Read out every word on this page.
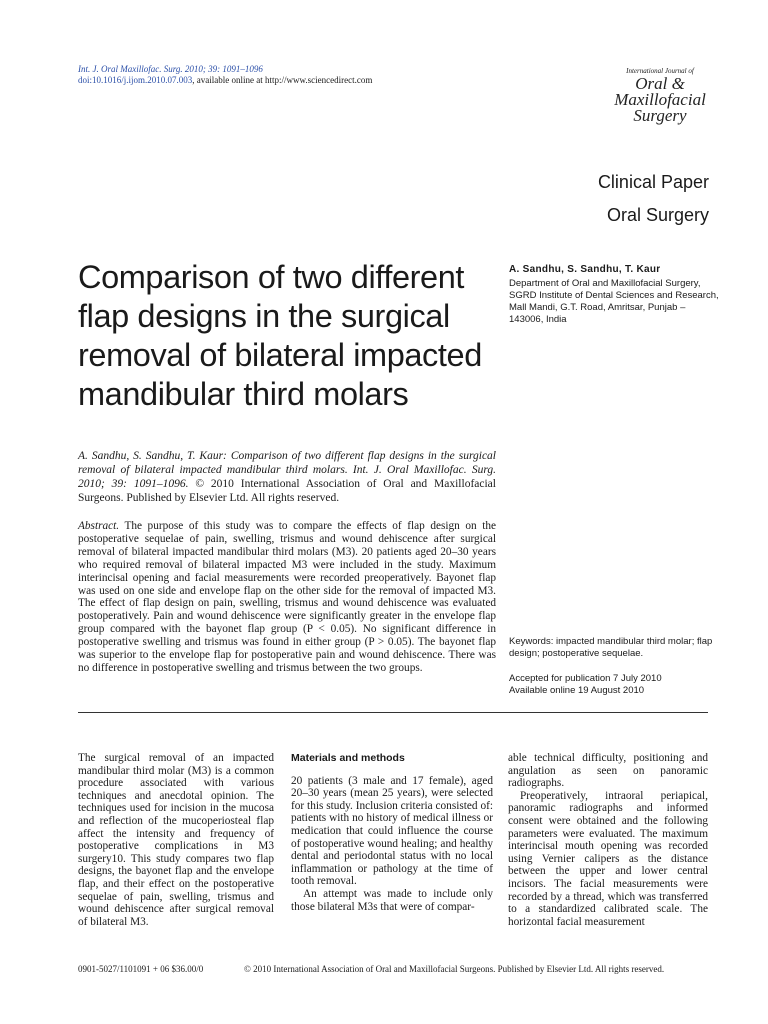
Int. J. Oral Maxillofac. Surg. 2010; 39: 1091–1096
doi:10.1016/j.ijom.2010.07.003, available online at http://www.sciencedirect.com
International Journal of
Oral &
Maxillofacial
Surgery
Clinical Paper
Oral Surgery
Comparison of two different flap designs in the surgical removal of bilateral impacted mandibular third molars
A. Sandhu, S. Sandhu, T. Kaur
Department of Oral and Maxillofacial Surgery, SGRD Institute of Dental Sciences and Research, Mall Mandi, G.T. Road, Amritsar, Punjab – 143006, India
A. Sandhu, S. Sandhu, T. Kaur: Comparison of two different flap designs in the surgical removal of bilateral impacted mandibular third molars. Int. J. Oral Maxillofac. Surg. 2010; 39: 1091–1096. © 2010 International Association of Oral and Maxillofacial Surgeons. Published by Elsevier Ltd. All rights reserved.
Abstract. The purpose of this study was to compare the effects of flap design on the postoperative sequelae of pain, swelling, trismus and wound dehiscence after surgical removal of bilateral impacted mandibular third molars (M3). 20 patients aged 20–30 years who required removal of bilateral impacted M3 were included in the study. Maximum interincisal opening and facial measurements were recorded preoperatively. Bayonet flap was used on one side and envelope flap on the other side for the removal of impacted M3. The effect of flap design on pain, swelling, trismus and wound dehiscence was evaluated postoperatively. Pain and wound dehiscence were significantly greater in the envelope flap group compared with the bayonet flap group (P < 0.05). No significant difference in postoperative swelling and trismus was found in either group (P > 0.05). The bayonet flap was superior to the envelope flap for postoperative pain and wound dehiscence. There was no difference in postoperative swelling and trismus between the two groups.
Keywords: impacted mandibular third molar; flap design; postoperative sequelae.
Accepted for publication 7 July 2010
Available online 19 August 2010

The surgical removal of an impacted mandibular third molar (M3) is a common procedure associated with various techniques and anecdotal opinion. The techniques used for incision in the mucosa and reflection of the mucoperiosteal flap affect the intensity and frequency of postoperative complications in M3 surgery10. This study compares two flap designs, the bayonet flap and the envelope flap, and their effect on the postoperative sequelae of pain, swelling, trismus and wound dehiscence after surgical removal of bilateral M3.

Materials and methods

20 patients (3 male and 17 female), aged 20–30 years (mean 25 years), were selected for this study. Inclusion criteria consisted of: patients with no history of medical illness or medication that could influence the course of postoperative wound healing; and healthy dental and periodontal status with no local inflammation or pathology at the time of tooth removal.

An attempt was made to include only those bilateral M3s that were of compar-

able technical difficulty, positioning and angulation as seen on panoramic radiographs.

Preoperatively, intraoral periapical, panoramic radiographs and informed consent were obtained and the following parameters were evaluated. The maximum interincisal mouth opening was recorded using Vernier calipers as the distance between the upper and lower central incisors. The facial measurements were recorded by a thread, which was transferred to a standardized calibrated scale. The horizontal facial measurement

0901-5027/1101091 + 06 $36.00/0	© 2010 International Association of Oral and Maxillofacial Surgeons. Published by Elsevier Ltd. All rights reserved.
